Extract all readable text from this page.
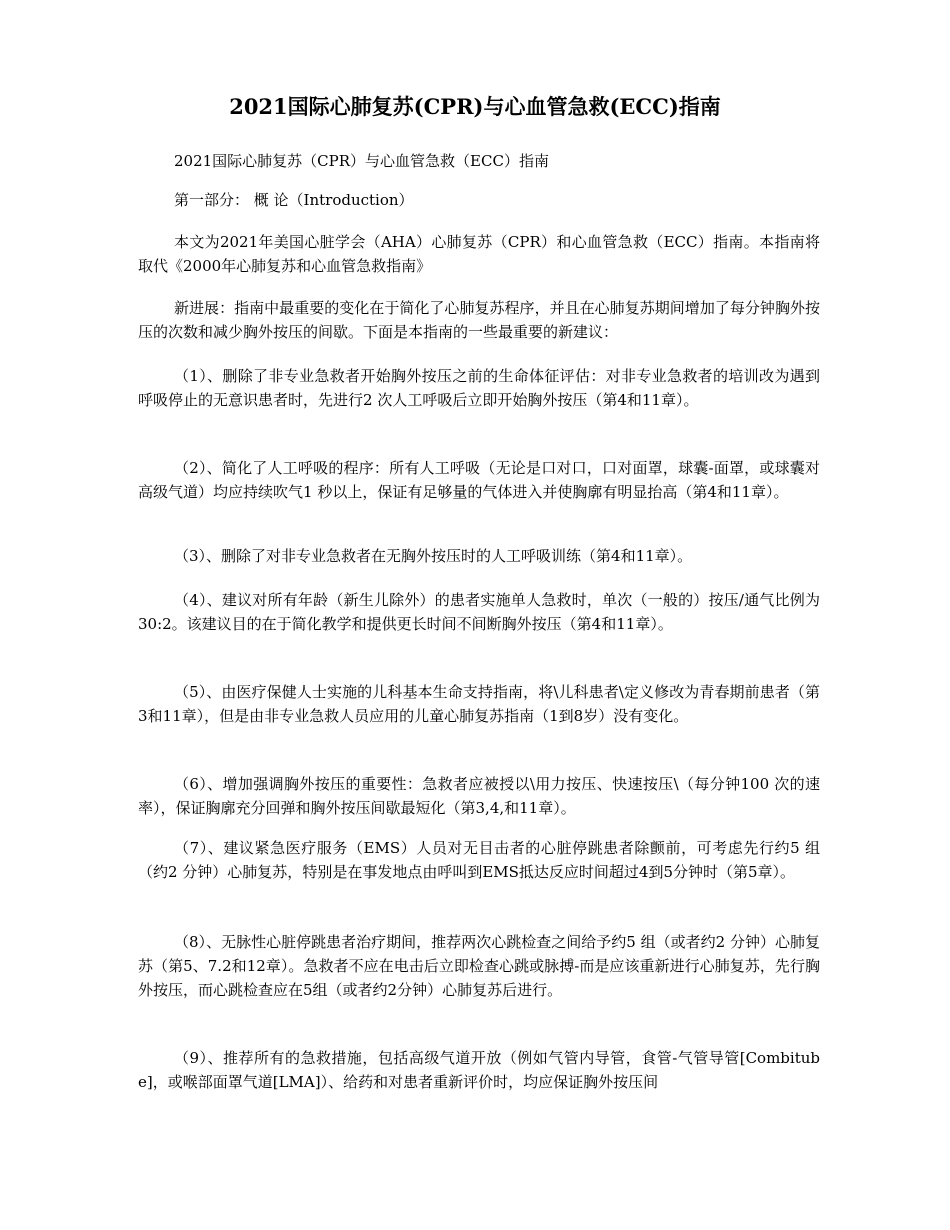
2021国际心肺复苏(CPR)与心血管急救(ECC)指南

2021国际心肺复苏（CPR）与心血管急救（ECC）指南

第一部分： 概 论（Introduction）

本文为2021年美国心脏学会（AHA）心肺复苏（CPR）和心血管急救（ECC）指南。本指南将取代《2000年心肺复苏和心血管急救指南》

新进展：指南中最重要的变化在于简化了心肺复苏程序，并且在心肺复苏期间增加了每分钟胸外按压的次数和减少胸外按压的间歇。下面是本指南的一些最重要的新建议：

（1）、删除了非专业急救者开始胸外按压之前的生命体征评估：对非专业急救者的培训改为遇到呼吸停止的无意识患者时，先进行2 次人工呼吸后立即开始胸外按压（第4和11章）。

（2）、简化了人工呼吸的程序：所有人工呼吸（无论是口对口，口对面罩，球囊-面罩，或球囊对高级气道）均应持续吹气1 秒以上，保证有足够量的气体进入并使胸廓有明显抬高（第4和11章）。

（3）、删除了对非专业急救者在无胸外按压时的人工呼吸训练（第4和11章）。

（4）、建议对所有年龄（新生儿除外）的患者实施单人急救时，单次（一般的）按压/通气比例为30:2。该建议目的在于简化教学和提供更长时间不间断胸外按压（第4和11章）。

（5）、由医疗保健人士实施的儿科基本生命支持指南，将\儿科患者\定义修改为青春期前患者（第3和11章），但是由非专业急救人员应用的儿童心肺复苏指南（1到8岁）没有变化。

（6）、增加强调胸外按压的重要性：急救者应被授以\用力按压、快速按压\（每分钟100 次的速率），保证胸廓充分回弹和胸外按压间歇最短化（第3,4,和11章）。

（7）、建议紧急医疗服务（EMS）人员对无目击者的心脏停跳患者除颤前，可考虑先行约5 组（约2 分钟）心肺复苏，特别是在事发地点由呼叫到EMS抵达反应时间超过4到5分钟时（第5章）。

（8）、无脉性心脏停跳患者治疗期间，推荐两次心跳检查之间给予约5 组（或者约2 分钟）心肺复苏（第5、7.2和12章）。急救者不应在电击后立即检查心跳或脉搏-而是应该重新进行心肺复苏，先行胸外按压，而心跳检查应在5组（或者约2分钟）心肺复苏后进行。

（9）、推荐所有的急救措施，包括高级气道开放（例如气管内导管，食管-气管导管[Combitube]，或喉部面罩气道[LMA]）、给药和对患者重新评价时，均应保证胸外按压间
